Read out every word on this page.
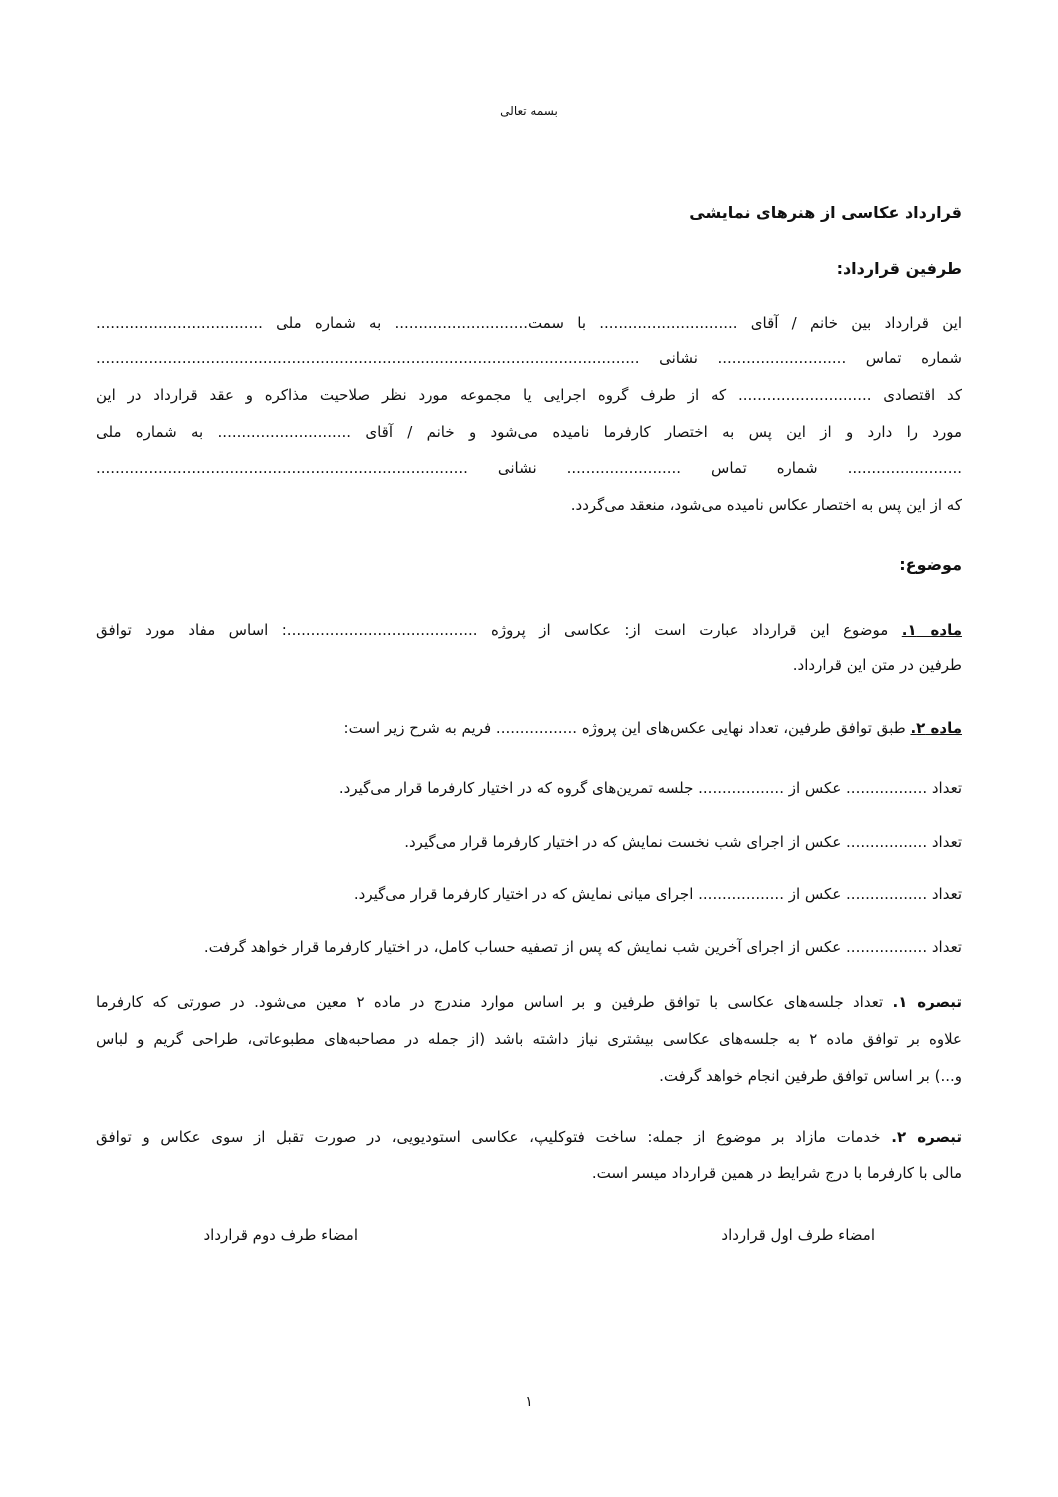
بسمه تعالی
قرارداد عکاسی از هنرهای نمایشی
طرفین قرارداد:
این قرارداد بین خانم / آقای ............................. با سمت............................ به شماره ملی ...................................
شماره تماس ........................... نشانی ..................................................................................................................
کد اقتصادی ............................ که از طرف گروه اجرایی یا مجموعه مورد نظر صلاحیت مذاکره و عقد قرارداد در این
مورد را دارد و از این پس به اختصار کارفرما نامیده می‌شود و خانم / آقای ............................ به شماره ملی
........................ شماره تماس ........................ نشانی ..............................................................................
که از این پس به اختصار عکاس نامیده می‌شود، منعقد می‌گردد.
موضوع:
ماده ۱. موضوع این قرارداد عبارت است از: عکاسی از پروژه ........................................: اساس مفاد مورد توافق
طرفین در متن این قرارداد.
ماده ۲. طبق توافق طرفین، تعداد نهایی عکس‌های این پروژه ................. فریم به شرح زیر است:
تعداد ................. عکس از .................. جلسه تمرین‌های گروه که در اختیار کارفرما قرار می‌گیرد.
تعداد ................. عکس از اجرای شب نخست نمایش که در اختیار کارفرما قرار می‌گیرد.
تعداد ................. عکس از .................. اجرای میانی نمایش که در اختیار کارفرما قرار می‌گیرد.
تعداد ................. عکس از اجرای آخرین شب نمایش که پس از تصفیه حساب کامل، در اختیار کارفرما قرار خواهد گرفت.
تبصره ۱. تعداد جلسه‌های عکاسی با توافق طرفین و بر اساس موارد مندرج در ماده ۲ معین می‌شود. در صورتی که کارفرما
علاوه بر توافق ماده ۲ به جلسه‌های عکاسی بیشتری نیاز داشته باشد (از جمله در مصاحبه‌های مطبوعاتی، طراحی گریم و لباس
و...) بر اساس توافق طرفین انجام خواهد گرفت.
تبصره ۲. خدمات مازاد بر موضوع از جمله: ساخت فتوکلیپ، عکاسی استودیویی، در صورت تقبل از سوی عکاس و توافق
مالی با کارفرما با درج شرایط در همین قرارداد میسر است.
امضاء طرف اول قرارداد
امضاء طرف دوم قرارداد
۱
